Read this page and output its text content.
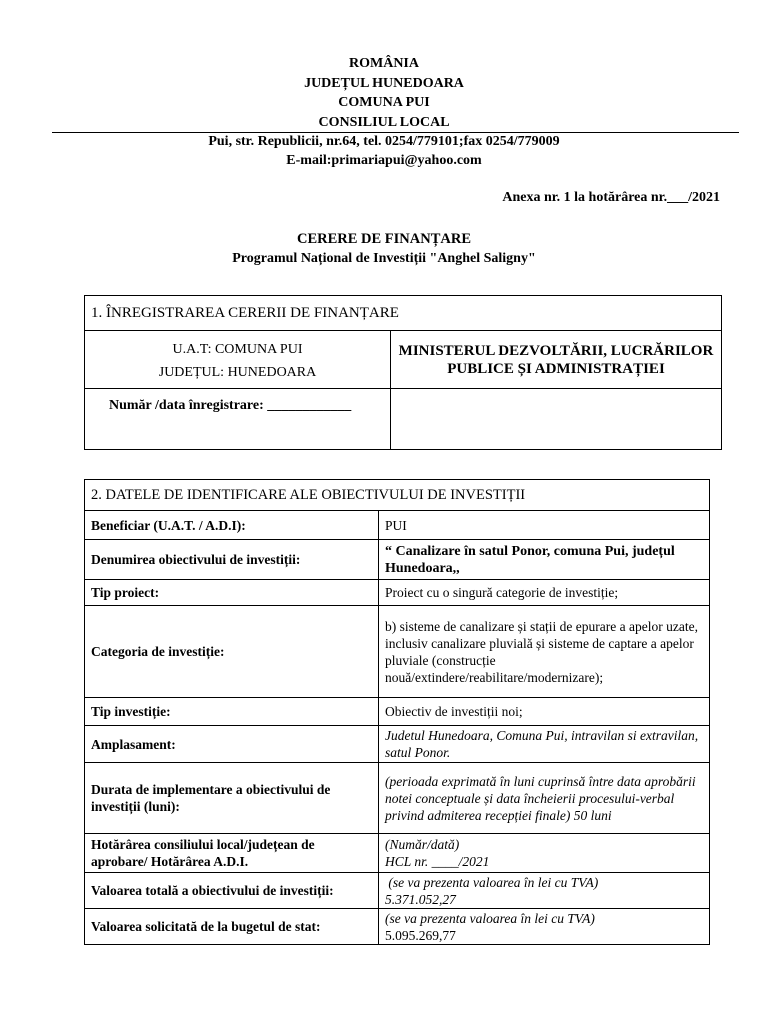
ROMÂNIA
JUDEȚUL HUNEDOARA
COMUNA PUI
CONSILIUL LOCAL
Pui, str. Republicii, nr.64, tel. 0254/779101;fax 0254/779009
E-mail:primariapui@yahoo.com
Anexa nr. 1 la hotărârea nr.___/2021
CERERE DE FINANȚARE
Programul Național de Investiții "Anghel Saligny"
1. ÎNREGISTRAREA CERERII DE FINANȚARE	

U.A.T: COMUNA PUI
JUDEȚUL: HUNEDOARA	MINISTERUL DEZVOLTĂRII, LUCRĂRILOR PUBLICE ȘI ADMINISTRAȚIEI
Număr /data înregistrare: ____________	
2. DATELE DE IDENTIFICARE ALE OBIECTIVULUI DE INVESTIȚII	
Beneficiar (U.A.T. / A.D.I):	PUI
Denumirea obiectivului de investiții:	“ Canalizare în satul Ponor, comuna Pui, județul Hunedoara,,
Tip proiect:	Proiect cu o singură categorie de investiție;
Categoria de investiție:	b) sisteme de canalizare și stații de epurare a apelor uzate, inclusiv canalizare pluvială și sisteme de captare a apelor pluviale (construcție nouă/extindere/reabilitare/modernizare);
Tip investiție:	Obiectiv de investiții noi;
Amplasament:	Judetul Hunedoara, Comuna Pui, intravilan si extravilan, satul Ponor.
Durata de implementare a obiectivului de investiții (luni):	(perioada exprimată în luni cuprinsă între data aprobării notei conceptuale și data încheierii procesului-verbal privind admiterea recepției finale) 50 luni
Hotărârea consiliului local/județean de aprobare/ Hotărârea A.D.I.	(Număr/dată)
HCL nr. ____/2021

Valoarea totală a obiectivului de investiții:	(se va prezenta valoarea în lei cu TVA)
5.371.052,27

Valoarea solicitată de la bugetul de stat:	(se va prezenta valoarea în lei cu TVA)
5.095.269,77
